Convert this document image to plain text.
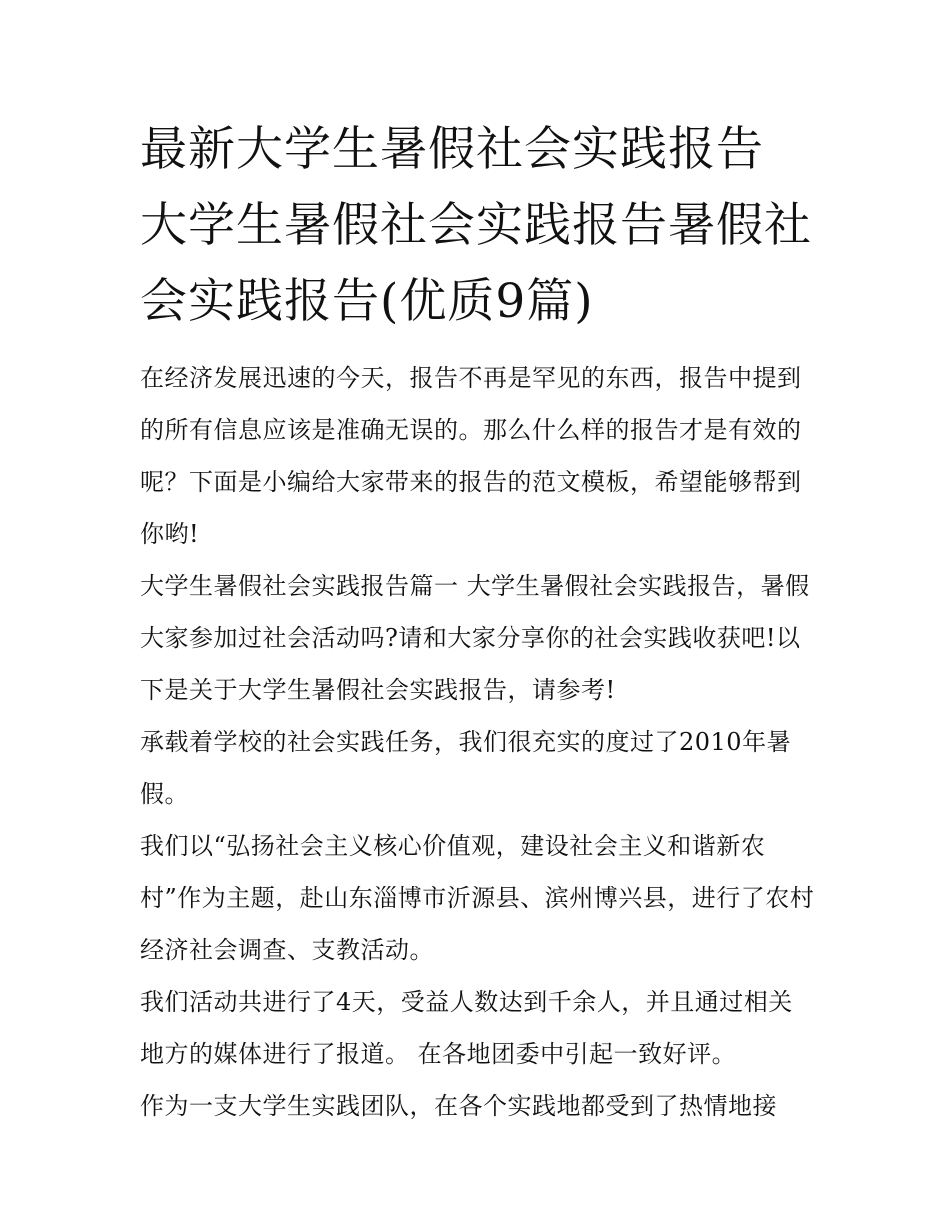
最新大学生暑假社会实践报告 大学生暑假社会实践报告暑假社会实践报告(优质9篇)

在经济发展迅速的今天，报告不再是罕见的东西，报告中提到的所有信息应该是准确无误的。那么什么样的报告才是有效的呢？下面是小编给大家带来的报告的范文模板，希望能够帮到你哟!

大学生暑假社会实践报告篇一 大学生暑假社会实践报告，暑假大家参加过社会活动吗?请和大家分享你的社会实践收获吧!以下是关于大学生暑假社会实践报告，请参考!

承载着学校的社会实践任务，我们很充实的度过了2010年暑假。

我们以“弘扬社会主义核心价值观，建设社会主义和谐新农村”作为主题，赴山东淄博市沂源县、滨州博兴县，进行了农村经济社会调查、支教活动。

我们活动共进行了4天，受益人数达到千余人，并且通过相关地方的媒体进行了报道。 在各地团委中引起一致好评。

作为一支大学生实践团队，在各个实践地都受到了热情地接
